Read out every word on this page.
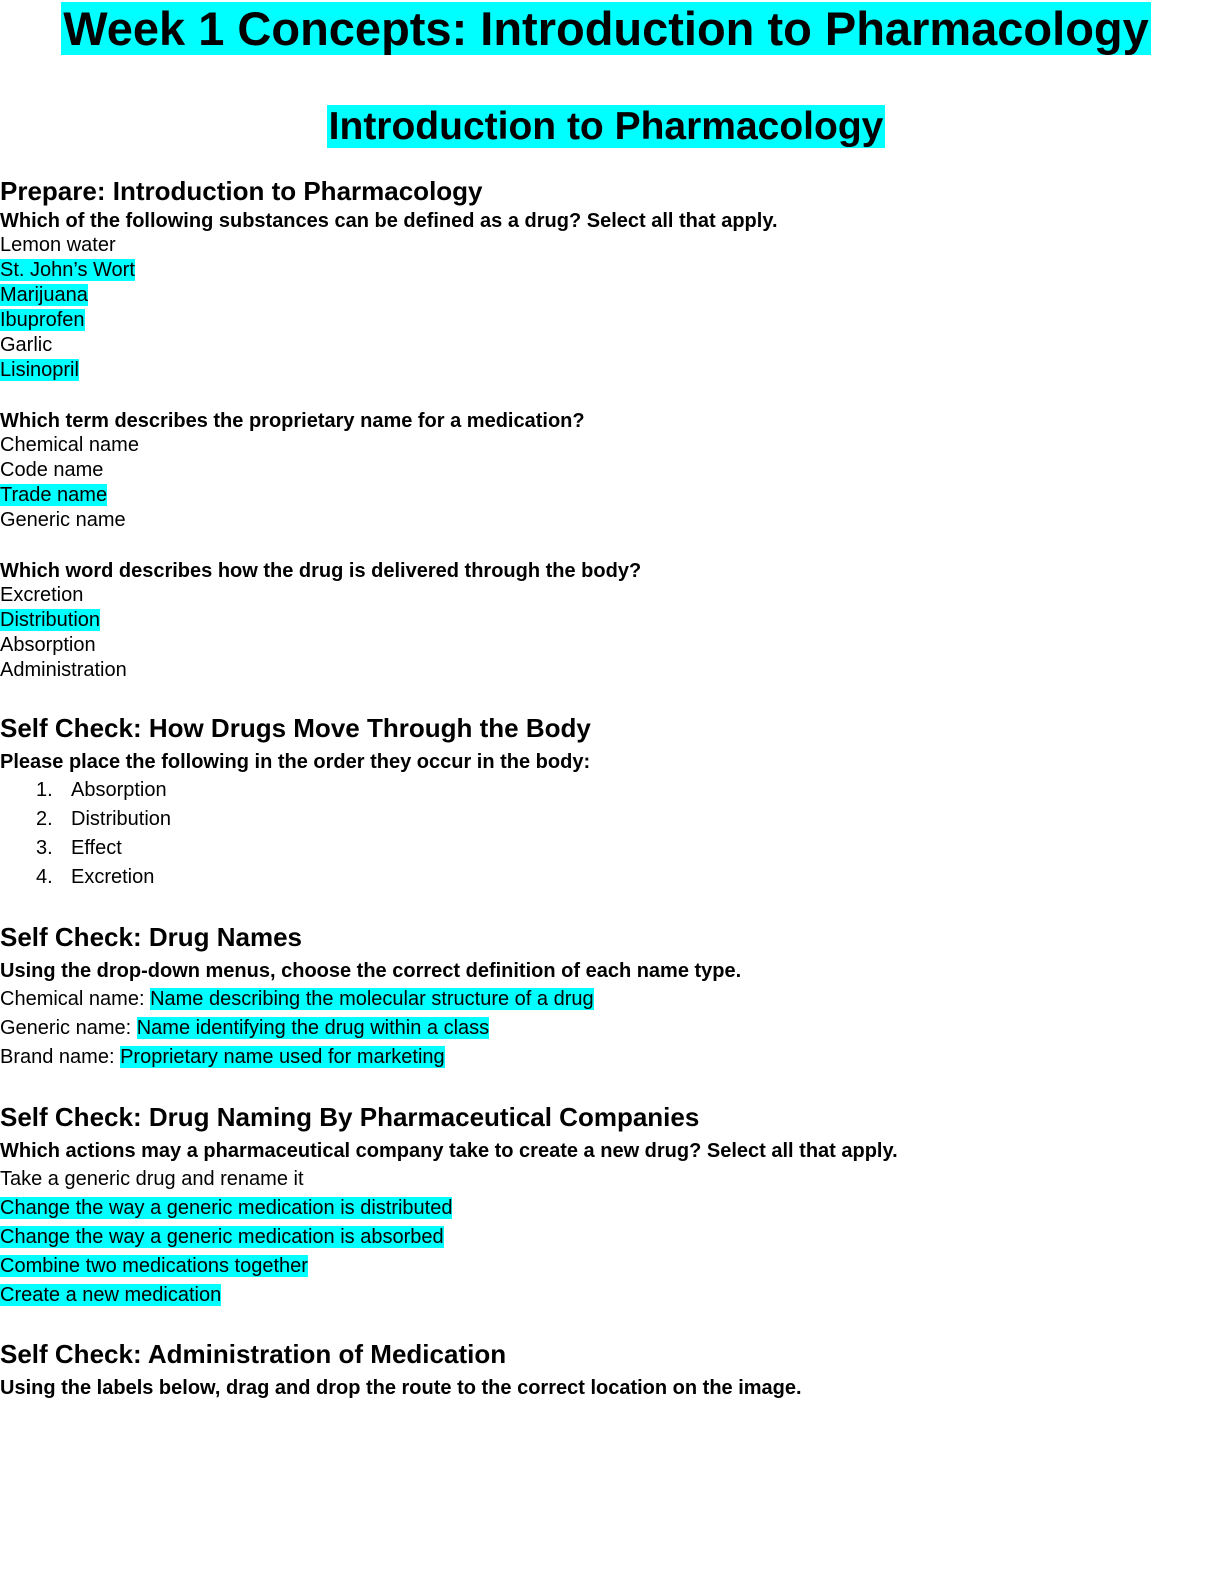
Week 1 Concepts: Introduction to Pharmacology
Introduction to Pharmacology
Prepare: Introduction to Pharmacology

Which of the following substances can be defined as a drug? Select all that apply.

Lemon water
St. John’s Wort
Marijuana
Ibuprofen
Garlic
Lisinopril

Which term describes the proprietary name for a medication?

Chemical name
Code name
Trade name
Generic name

Which word describes how the drug is delivered through the body?

Excretion
Distribution
Absorption
Administration
Self Check: How Drugs Move Through the Body

Please place the following in the order they occur in the body:

1. Absorption
2. Distribution
3. Effect
4. Excretion
Self Check: Drug Names

Using the drop-down menus, choose the correct definition of each name type.

Chemical name: Name describing the molecular structure of a drug
Generic name: Name identifying the drug within a class
Brand name: Proprietary name used for marketing
Self Check: Drug Naming By Pharmaceutical Companies

Which actions may a pharmaceutical company take to create a new drug? Select all that apply.

Take a generic drug and rename it
Change the way a generic medication is distributed
Change the way a generic medication is absorbed
Combine two medications together
Create a new medication
Self Check: Administration of Medication

Using the labels below, drag and drop the route to the correct location on the image.
